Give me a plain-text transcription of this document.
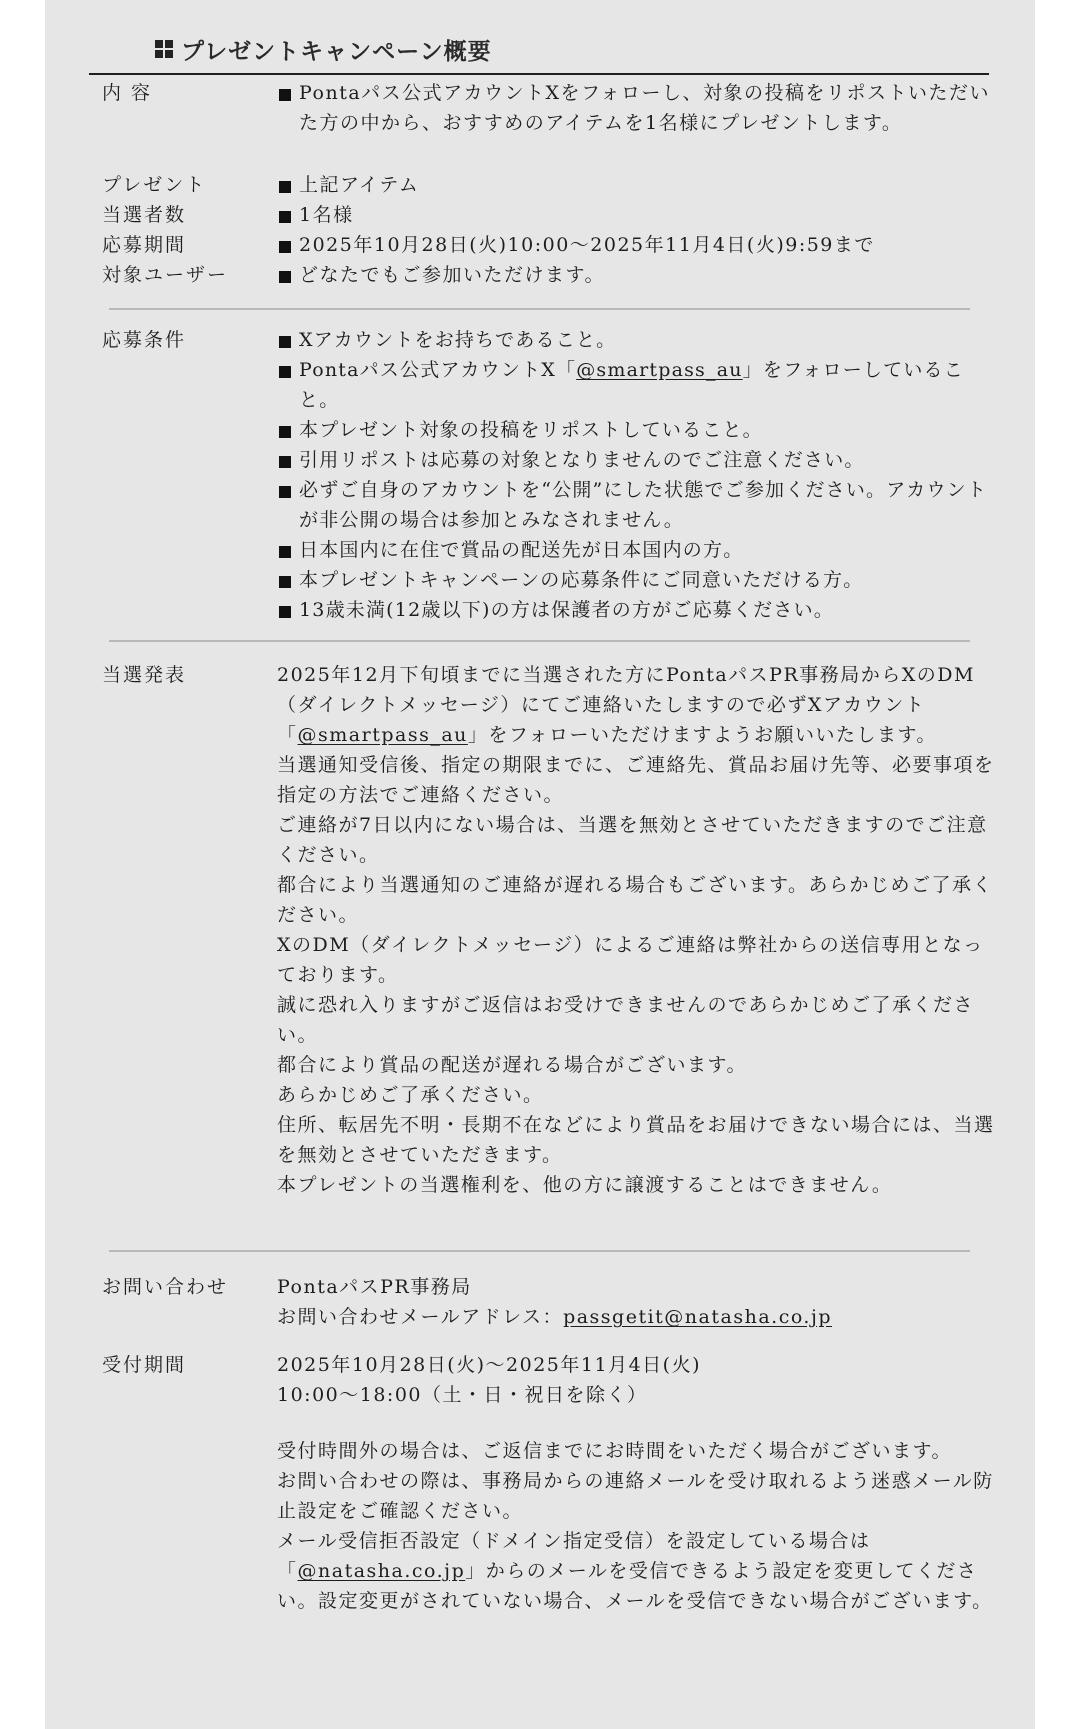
プレゼントキャンペーン概要
内 容	Pontaパス公式アカウントXをフォローし、対象の投稿をリポストいただいた方の中から、おすすめのアイテムを1名様にプレゼントします。
プレゼント	上記アイテム
当選者数	1名様
応募期間	2025年10月28日(火)10:00〜2025年11月4日(火)9:59まで
対象ユーザー	どなたでもご参加いただけます。
応募条件	Xアカウントをお持ちであること。
Pontaパス公式アカウントX「@smartpass_au」をフォローしていること。
本プレゼント対象の投稿をリポストしていること。
引用リポストは応募の対象となりませんのでご注意ください。
必ずご自身のアカウントを“公開”にした状態でご参加ください。アカウントが非公開の場合は参加とみなされません。
日本国内に在住で賞品の配送先が日本国内の方。
本プレゼントキャンペーンの応募条件にご同意いただける方。
13歳未満(12歳以下)の方は保護者の方がご応募ください。
当選発表	2025年12月下旬頃までに当選された方にPontaパスPR事務局からXのDM（ダイレクトメッセージ）にてご連絡いたしますので必ずXアカウント「@smartpass_au」をフォローいただけますようお願いいたします。
当選通知受信後、指定の期限までに、ご連絡先、賞品お届け先等、必要事項を指定の方法でご連絡ください。
ご連絡が7日以内にない場合は、当選を無効とさせていただきますのでご注意ください。
都合により当選通知のご連絡が遅れる場合もございます。あらかじめご了承ください。
XのDM（ダイレクトメッセージ）によるご連絡は弊社からの送信専用となっております。
誠に恐れ入りますがご返信はお受けできませんのであらかじめご了承ください。
都合により賞品の配送が遅れる場合がございます。
あらかじめご了承ください。
住所、転居先不明・長期不在などにより賞品をお届けできない場合には、当選を無効とさせていただきます。
本プレゼントの当選権利を、他の方に譲渡することはできません。
お問い合わせ	PontaパスPR事務局
お問い合わせメールアドレス：passgetit@natasha.co.jp
受付期間	2025年10月28日(火)〜2025年11月4日(火)
10:00〜18:00（土・日・祝日を除く）
受付時間外の場合は、ご返信までにお時間をいただく場合がございます。
お問い合わせの際は、事務局からの連絡メールを受け取れるよう迷惑メール防止設定をご確認ください。
メール受信拒否設定（ドメイン指定受信）を設定している場合は「@natasha.co.jp」からのメールを受信できるよう設定を変更してください。設定変更がされていない場合、メールを受信できない場合がございます。
